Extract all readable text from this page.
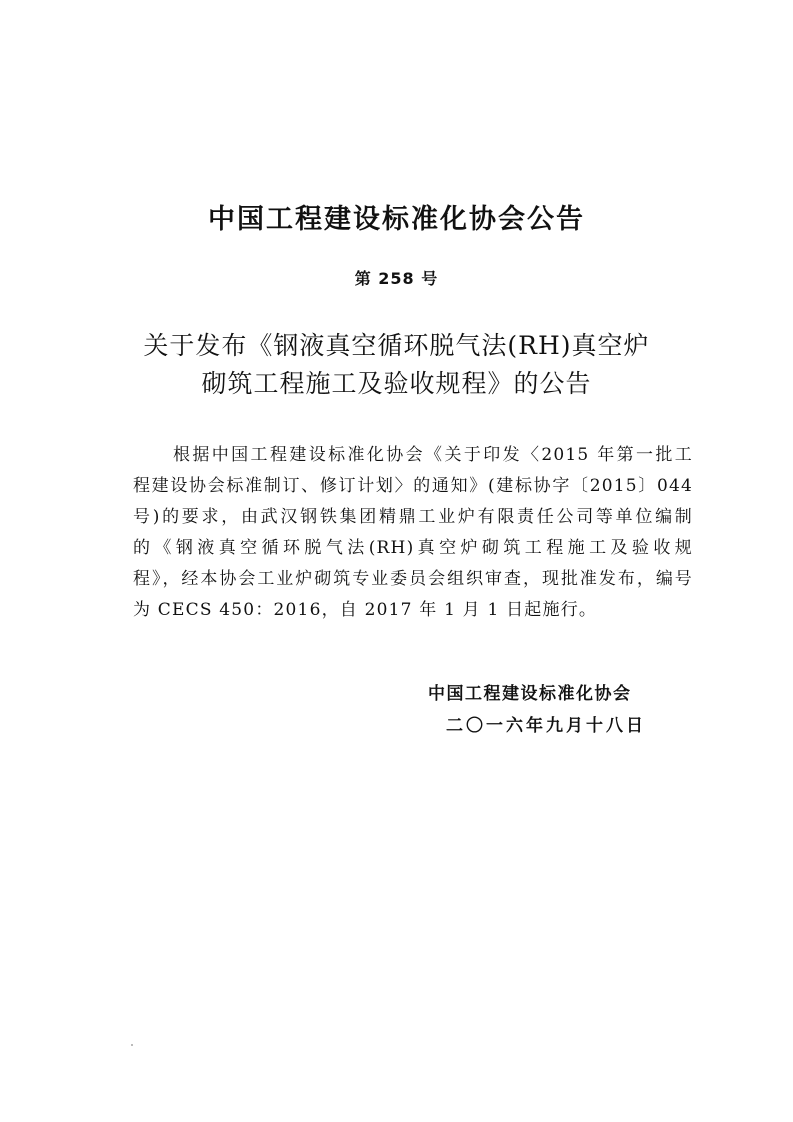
中国工程建设标准化协会公告
第 258 号
关于发布《钢液真空循环脱气法(RH)真空炉
砌筑工程施工及验收规程》的公告
根据中国工程建设标准化协会《关于印发〈2015 年第一批工
程建设协会标准制订、修订计划〉的通知》(建标协字〔2015〕044
号)的要求，由武汉钢铁集团精鼎工业炉有限责任公司等单位编制
的《钢液真空循环脱气法(RH)真空炉砌筑工程施工及验收规
程》，经本协会工业炉砌筑专业委员会组织审查，现批准发布，编号
为 CECS 450：2016，自 2017 年 1 月 1 日起施行。
中国工程建设标准化协会
二〇一六年九月十八日
